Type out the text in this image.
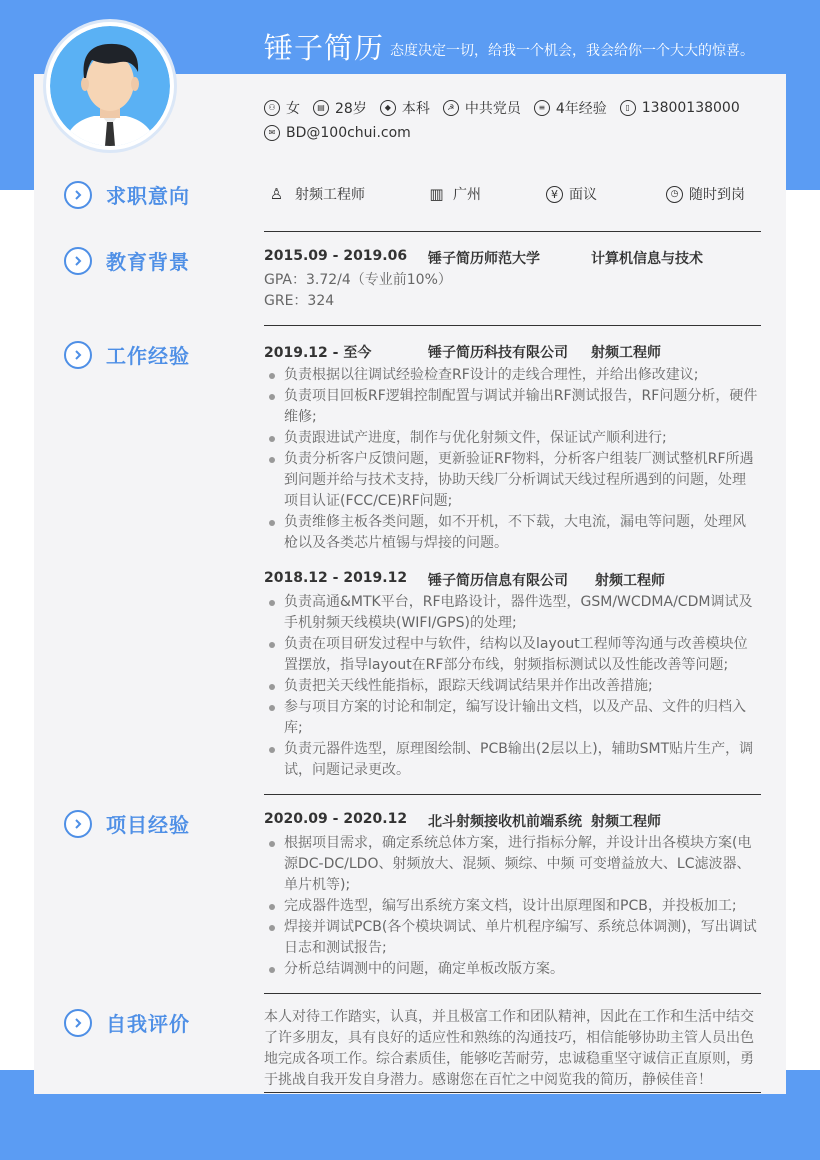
锤子简历 态度决定一切，给我一个机会，我会给你一个大大的惊喜。
⚇ 女	▤ 28岁	◆ 本科	☭ 中共党员	≡ 4年经验	▯ 13800138000
✉ BD@100chui.com
求职意向	♙ 射频工程师	▥ 广州	¥ 面议	◷ 随时到岗
教育背景	2015.09 - 2019.06 锤子简历师范大学	计算机信息与技术
GPA：3.72/4（专业前10%）
GRE：324
工作经验	2019.12 - 至今	锤子简历科技有限公司 射频工程师
负责根据以往调试经验检查RF设计的走线合理性，并给出修改建议;
负责项目回板RF逻辑控制配置与调试并输出RF测试报告，RF问题分析，硬件维修;
负责跟进试产进度，制作与优化射频文件，保证试产顺利进行;
负责分析客户反馈问题，更新验证RF物料，分析客户组装厂测试整机RF所遇到问题并给与技术支持，协助天线厂分析调试天线过程所遇到的问题，处理项目认证(FCC/CE)RF问题;
负责维修主板各类问题，如不开机，不下载，大电流，漏电等问题，处理风枪以及各类芯片植锡与焊接的问题。
2018.12 - 2019.12 锤子简历信息有限公司 射频工程师
负责高通&MTK平台，RF电路设计，器件选型，GSM/WCDMA/CDM调试及手机射频天线模块(WIFI/GPS)的处理;
负责在项目研发过程中与软件，结构以及layout工程师等沟通与改善模块位置摆放，指导layout在RF部分布线，射频指标测试以及性能改善等问题;
负责把关天线性能指标，跟踪天线调试结果并作出改善措施;
参与项目方案的讨论和制定，编写设计输出文档，以及产品、文件的归档入库;
负责元器件选型，原理图绘制、PCB输出(2层以上)，辅助SMT贴片生产，调试，问题记录更改。
项目经验	2020.09 - 2020.12 北斗射频接收机前端系统 射频工程师
根据项目需求，确定系统总体方案，进行指标分解，并设计出各模块方案(电源DC-DC/LDO、射频放大、混频、频综、中频 可变增益放大、LC滤波器、单片机等);
完成器件选型，编写出系统方案文档，设计出原理图和PCB，并投板加工;
焊接并调试PCB(各个模块调试、单片机程序编写、系统总体调测)，写出调试日志和测试报告;
分析总结调测中的问题，确定单板改版方案。
自我评价	本人对待工作踏实，认真，并且极富工作和团队精神，因此在工作和生活中结交了许多朋友，具有良好的适应性和熟练的沟通技巧，相信能够协助主管人员出色地完成各项工作。综合素质佳，能够吃苦耐劳，忠诚稳重坚守诚信正直原则，勇于挑战自我开发自身潜力。感谢您在百忙之中阅览我的简历，静候佳音！
